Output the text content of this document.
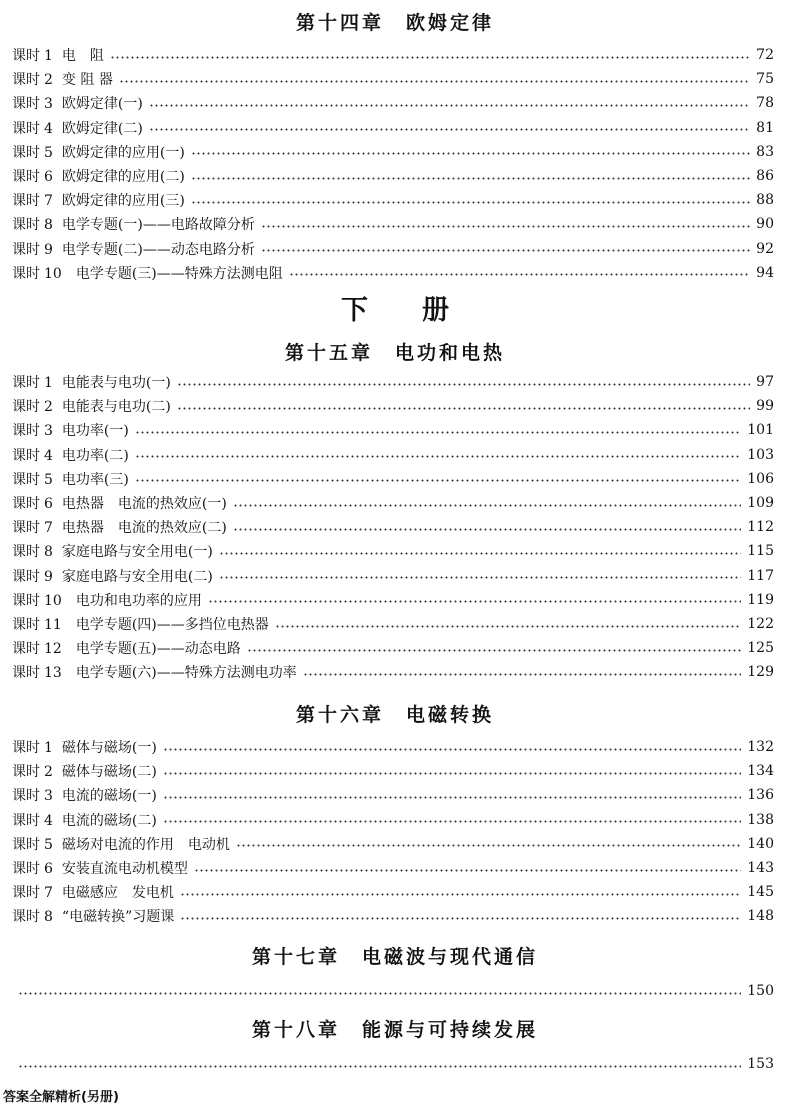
第十四章　欧姆定律
课时 1 电　阻	72
课时 2 变 阻 器	75
课时 3 欧姆定律(一)	78
课时 4 欧姆定律(二)	81
课时 5 欧姆定律的应用(一)	83
课时 6 欧姆定律的应用(二)	86
课时 7 欧姆定律的应用(三)	88
课时 8 电学专题(一)——电路故障分析	90
课时 9 电学专题(二)——动态电路分析	92
课时 10 电学专题(三)——特殊方法测电阻	94
下　　册
第十五章　电功和电热
课时 1 电能表与电功(一)	97
课时 2 电能表与电功(二)	99
课时 3 电功率(一)	101
课时 4 电功率(二)	103
课时 5 电功率(三)	106
课时 6 电热器　电流的热效应(一)	109
课时 7 电热器　电流的热效应(二)	112
课时 8 家庭电路与安全用电(一)	115
课时 9 家庭电路与安全用电(二)	117
课时 10 电功和电功率的应用	119
课时 11 电学专题(四)——多挡位电热器	122
课时 12 电学专题(五)——动态电路	125
课时 13 电学专题(六)——特殊方法测电功率	129
第十六章　电磁转换
课时 1 磁体与磁场(一)	132
课时 2 磁体与磁场(二)	134
课时 3 电流的磁场(一)	136
课时 4 电流的磁场(二)	138
课时 5 磁场对电流的作用　电动机	140
课时 6 安装直流电动机模型	143
课时 7 电磁感应　发电机	145
课时 8 “电磁转换”习题课	148
第十七章　电磁波与现代通信
150
第十八章　能源与可持续发展
153
答案全解精析(另册)
